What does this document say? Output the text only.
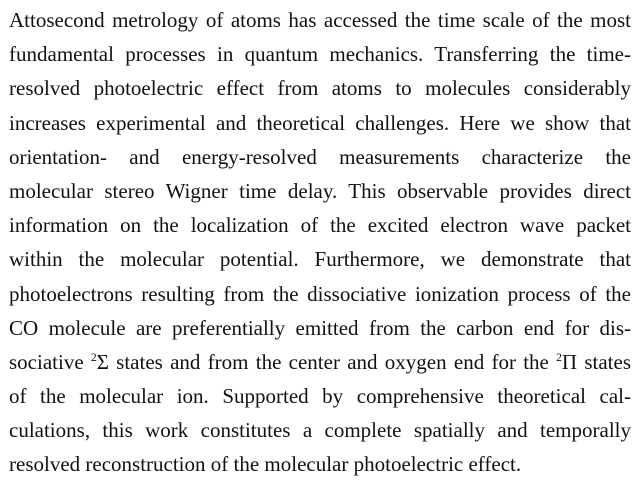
Attosecond metrology of atoms has accessed the time scale of the most
fundamental processes in quantum mechanics. Transferring the time-
resolved photoelectric effect from atoms to molecules considerably
increases experimental and theoretical challenges. Here we show that
orientation- and energy-resolved measurements characterize the
molecular stereo Wigner time delay. This observable provides direct
information on the localization of the excited electron wave packet
within the molecular potential. Furthermore, we demonstrate that
photoelectrons resulting from the dissociative ionization process of the
CO molecule are preferentially emitted from the carbon end for dis-
sociative $^2$Σ states and from the center and oxygen end for the $^2$Π states
of the molecular ion. Supported by comprehensive theoretical cal-
culations, this work constitutes a complete spatially and temporally
resolved reconstruction of the molecular photoelectric effect.
